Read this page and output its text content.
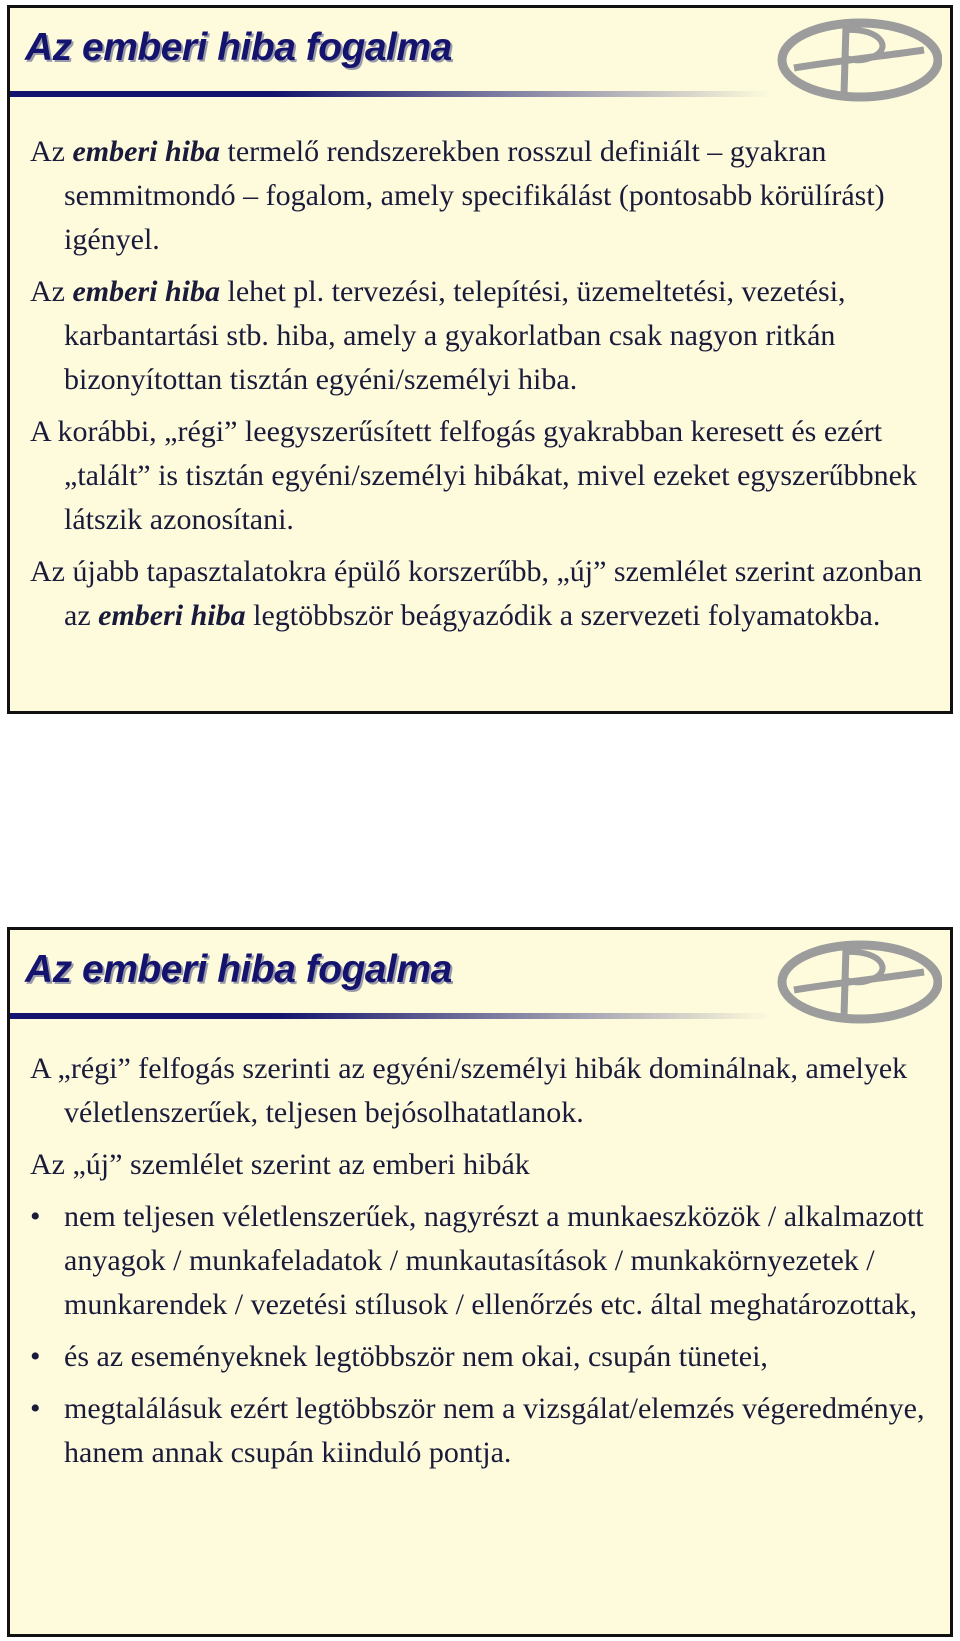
Az emberi hiba fogalma

Az emberi hiba termelő rendszerekben rosszul definiált – gyakran semmitmondó – fogalom, amely specifikálást (pontosabb körülírást) igényel.

Az emberi hiba lehet pl. tervezési, telepítési, üzemeltetési, vezetési, karbantartási stb. hiba, amely a gyakorlatban csak nagyon ritkán bizonyítottan tisztán egyéni/személyi hiba.

A korábbi, „régi” leegyszerűsített felfogás gyakrabban keresett és ezért „talált” is tisztán egyéni/személyi hibákat, mivel ezeket egyszerűbbnek látszik azonosítani.

Az újabb tapasztalatokra épülő korszerűbb, „új” szemlélet szerint azonban az emberi hiba legtöbbször beágyazódik a szervezeti folyamatokba.

Az emberi hiba fogalma

A „régi” felfogás szerinti az egyéni/személyi hibák dominálnak, amelyek véletlenszerűek, teljesen bejósolhatatlanok.

Az „új” szemlélet szerint az emberi hibák

• nem teljesen véletlenszerűek, nagyrészt a munkaeszközök / alkalmazott anyagok / munkafeladatok / munkautasítások / munkakörnyezetek / munkarendek / vezetési stílusok / ellenőrzés etc. által meghatározottak,
• és az eseményeknek legtöbbször nem okai, csupán tünetei,
• megtalálásuk ezért legtöbbször nem a vizsgálat/elemzés végeredménye, hanem annak csupán kiinduló pontja.
